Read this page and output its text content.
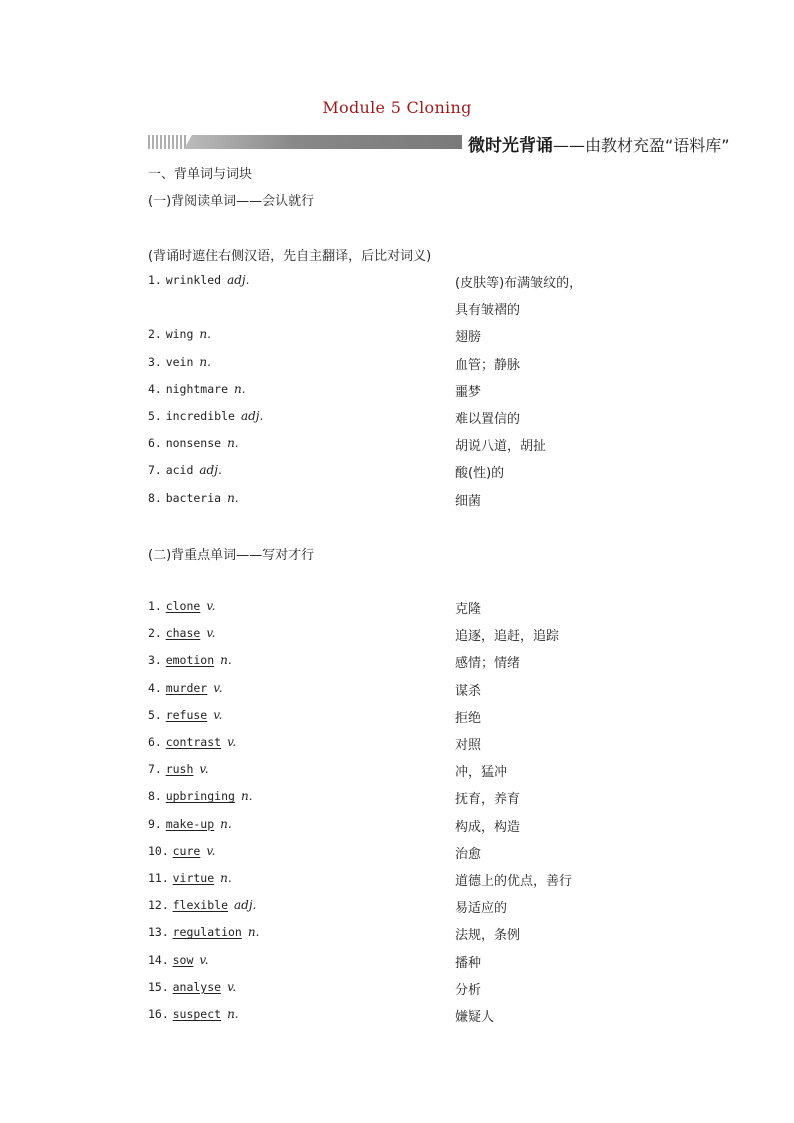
Module 5 Cloning
微时光背诵——由教材充盈“语料库”
一、背单词与词块
(一)背阅读单词——会认就行
(背诵时遮住右侧汉语，先自主翻译，后比对词义)
1. wrinkled adj.	(皮肤等)布满皱纹的，
具有皱褶的
2. wing n.	翅膀
3. vein n.	血管；静脉
4. nightmare n.	噩梦
5. incredible adj.	难以置信的
6. nonsense n.	胡说八道，胡扯
7. acid adj.	酸(性)的
8. bacteria n.	细菌
(二)背重点单词——写对才行
1. clone v.	克隆
2. chase v.	追逐，追赶，追踪
3. emotion n.	感情；情绪
4. murder v.	谋杀
5. refuse v.	拒绝
6. contrast v.	对照
7. rush v.	冲，猛冲
8. upbringing n.	抚育，养育
9. make-up n.	构成，构造
10. cure v.	治愈
11. virtue n.	道德上的优点，善行
12. flexible adj.	易适应的
13. regulation n.	法规，条例
14. sow v.	播种
15. analyse v.	分析
16. suspect n.	嫌疑人
